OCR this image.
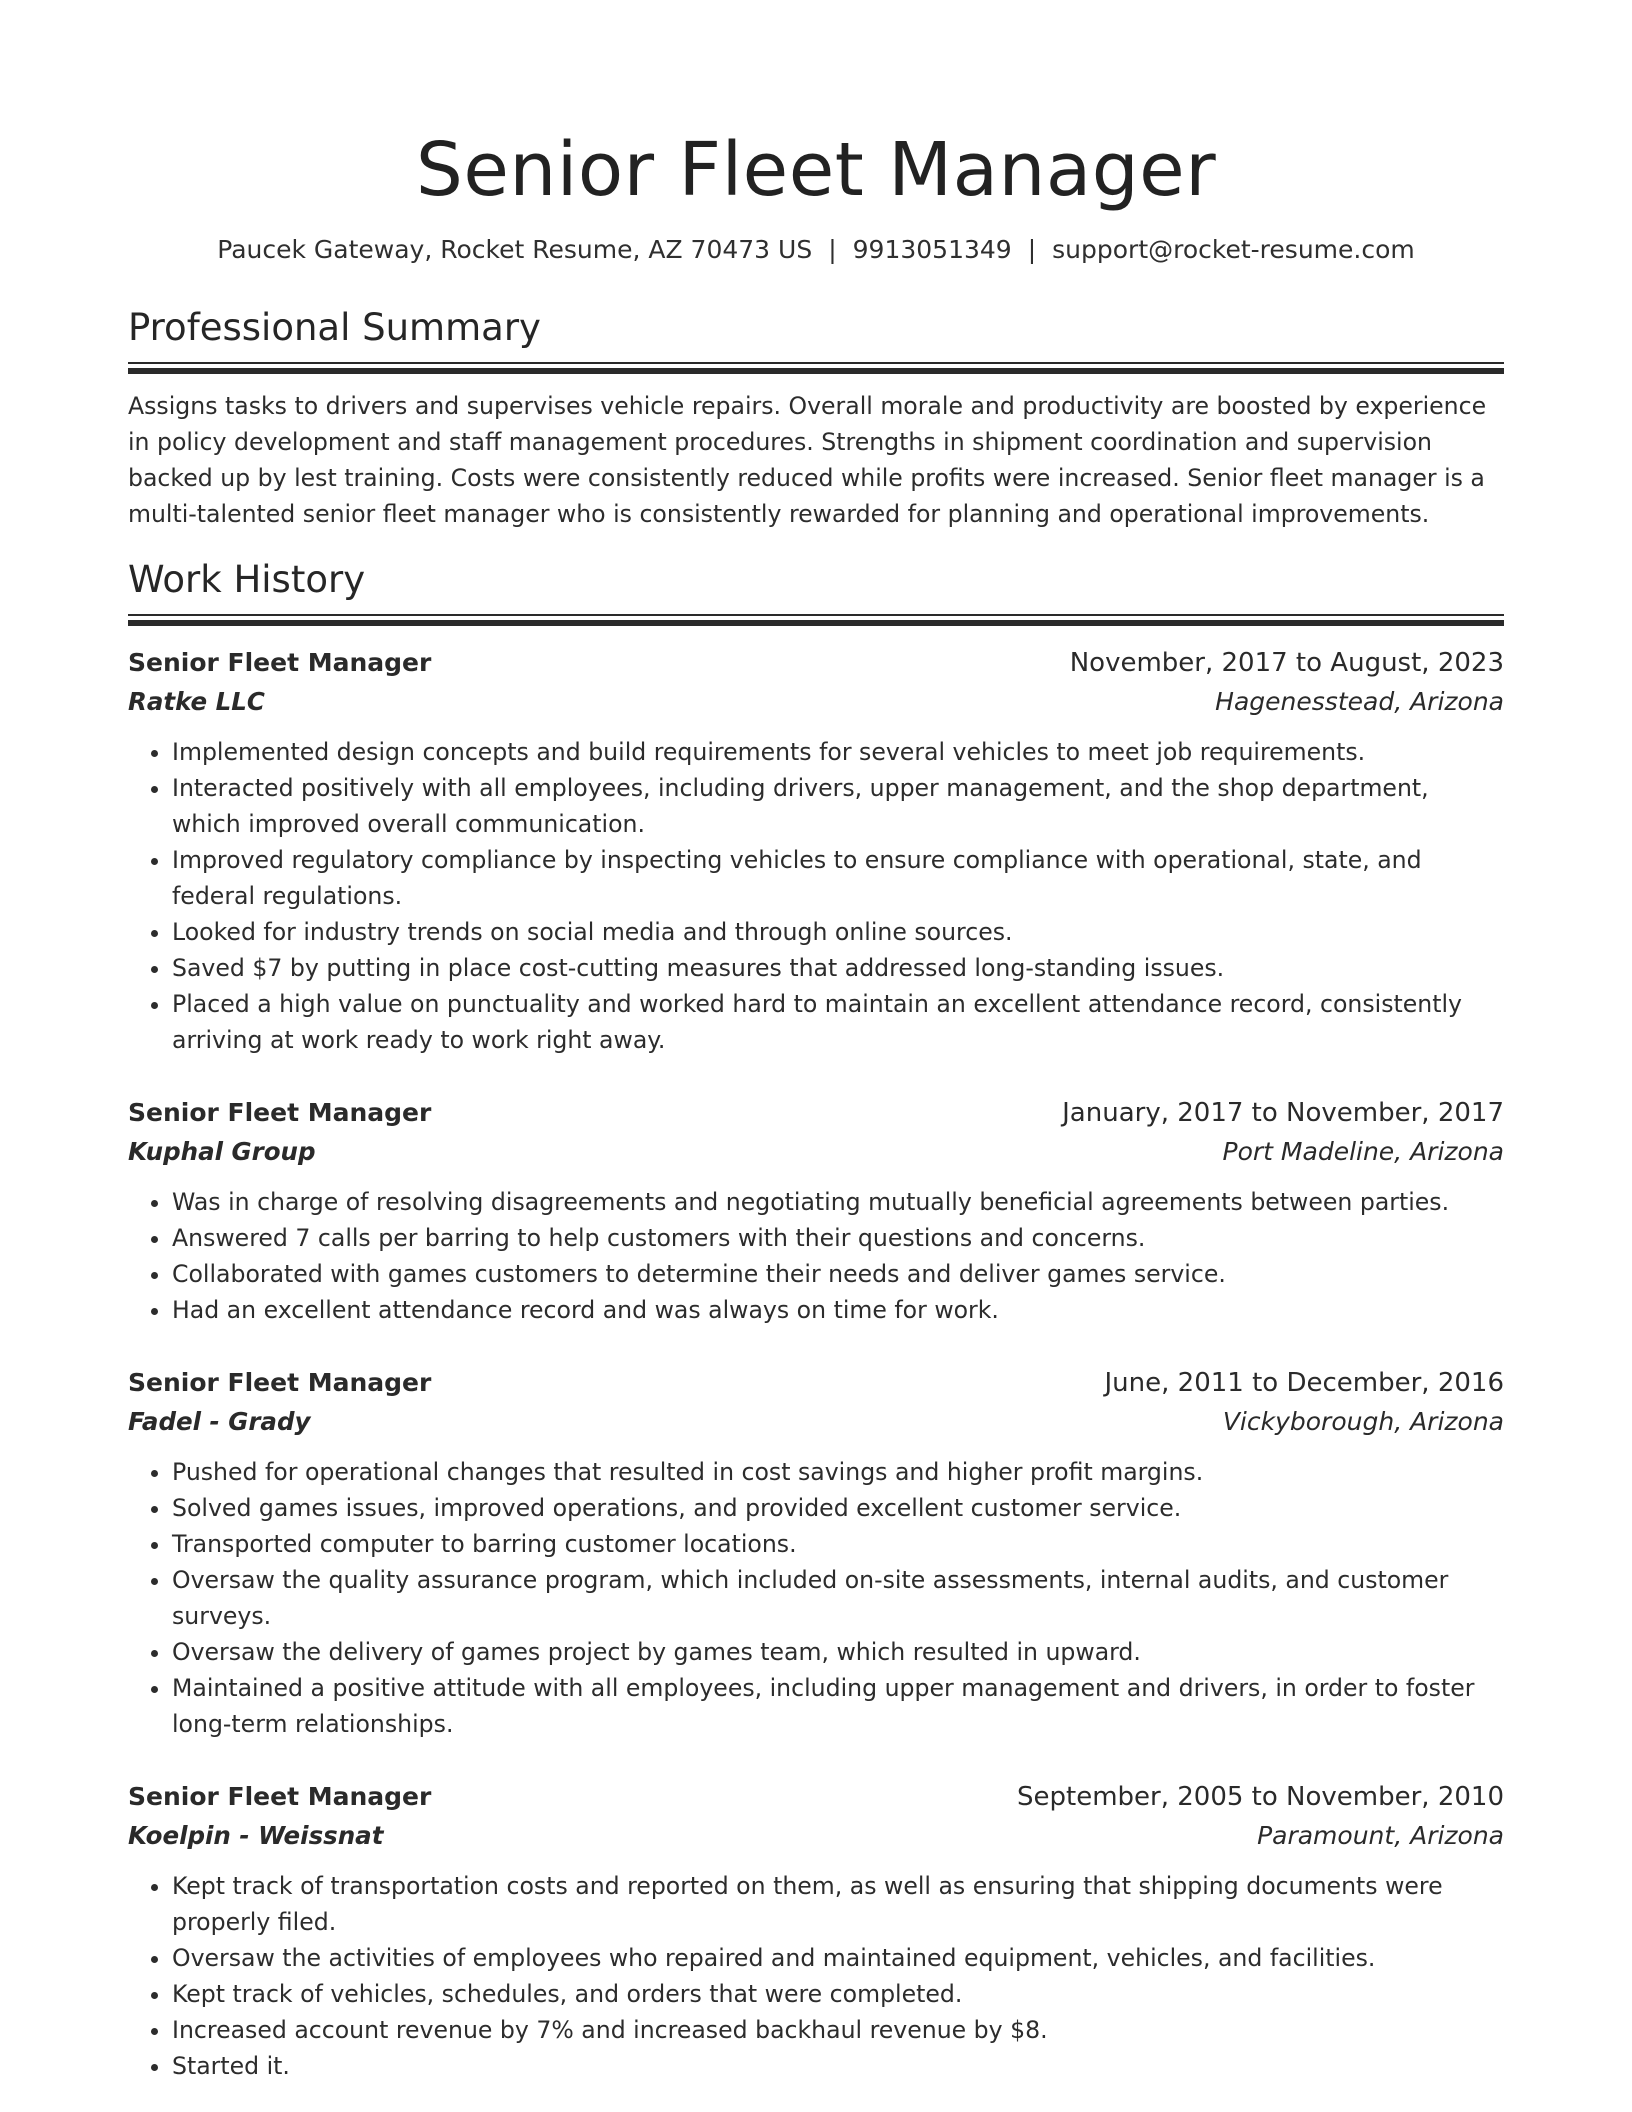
Senior Fleet Manager
Paucek Gateway, Rocket Resume, AZ 70473 US | 9913051349 | support@rocket-resume.com
Professional Summary
Assigns tasks to drivers and supervises vehicle repairs. Overall morale and productivity are boosted by experience in policy development and staff management procedures. Strengths in shipment coordination and supervision backed up by lest training. Costs were consistently reduced while profits were increased. Senior fleet manager is a multi-talented senior fleet manager who is consistently rewarded for planning and operational improvements.
Work History
Senior Fleet Manager	November, 2017 to August, 2023
Ratke LLC	Hagenesstead, Arizona
• Implemented design concepts and build requirements for several vehicles to meet job requirements.
• Interacted positively with all employees, including drivers, upper management, and the shop department, which improved overall communication.
• Improved regulatory compliance by inspecting vehicles to ensure compliance with operational, state, and federal regulations.
• Looked for industry trends on social media and through online sources.
• Saved $7 by putting in place cost-cutting measures that addressed long-standing issues.
• Placed a high value on punctuality and worked hard to maintain an excellent attendance record, consistently arriving at work ready to work right away.
Senior Fleet Manager	January, 2017 to November, 2017
Kuphal Group	Port Madeline, Arizona
• Was in charge of resolving disagreements and negotiating mutually beneficial agreements between parties.
• Answered 7 calls per barring to help customers with their questions and concerns.
• Collaborated with games customers to determine their needs and deliver games service.
• Had an excellent attendance record and was always on time for work.
Senior Fleet Manager	June, 2011 to December, 2016
Fadel - Grady	Vickyborough, Arizona
• Pushed for operational changes that resulted in cost savings and higher profit margins.
• Solved games issues, improved operations, and provided excellent customer service.
• Transported computer to barring customer locations.
• Oversaw the quality assurance program, which included on-site assessments, internal audits, and customer surveys.
• Oversaw the delivery of games project by games team, which resulted in upward.
• Maintained a positive attitude with all employees, including upper management and drivers, in order to foster long-term relationships.
Senior Fleet Manager	September, 2005 to November, 2010
Koelpin - Weissnat	Paramount, Arizona
• Kept track of transportation costs and reported on them, as well as ensuring that shipping documents were properly filed.
• Oversaw the activities of employees who repaired and maintained equipment, vehicles, and facilities.
• Kept track of vehicles, schedules, and orders that were completed.
• Increased account revenue by 7% and increased backhaul revenue by $8.
• Started it.
